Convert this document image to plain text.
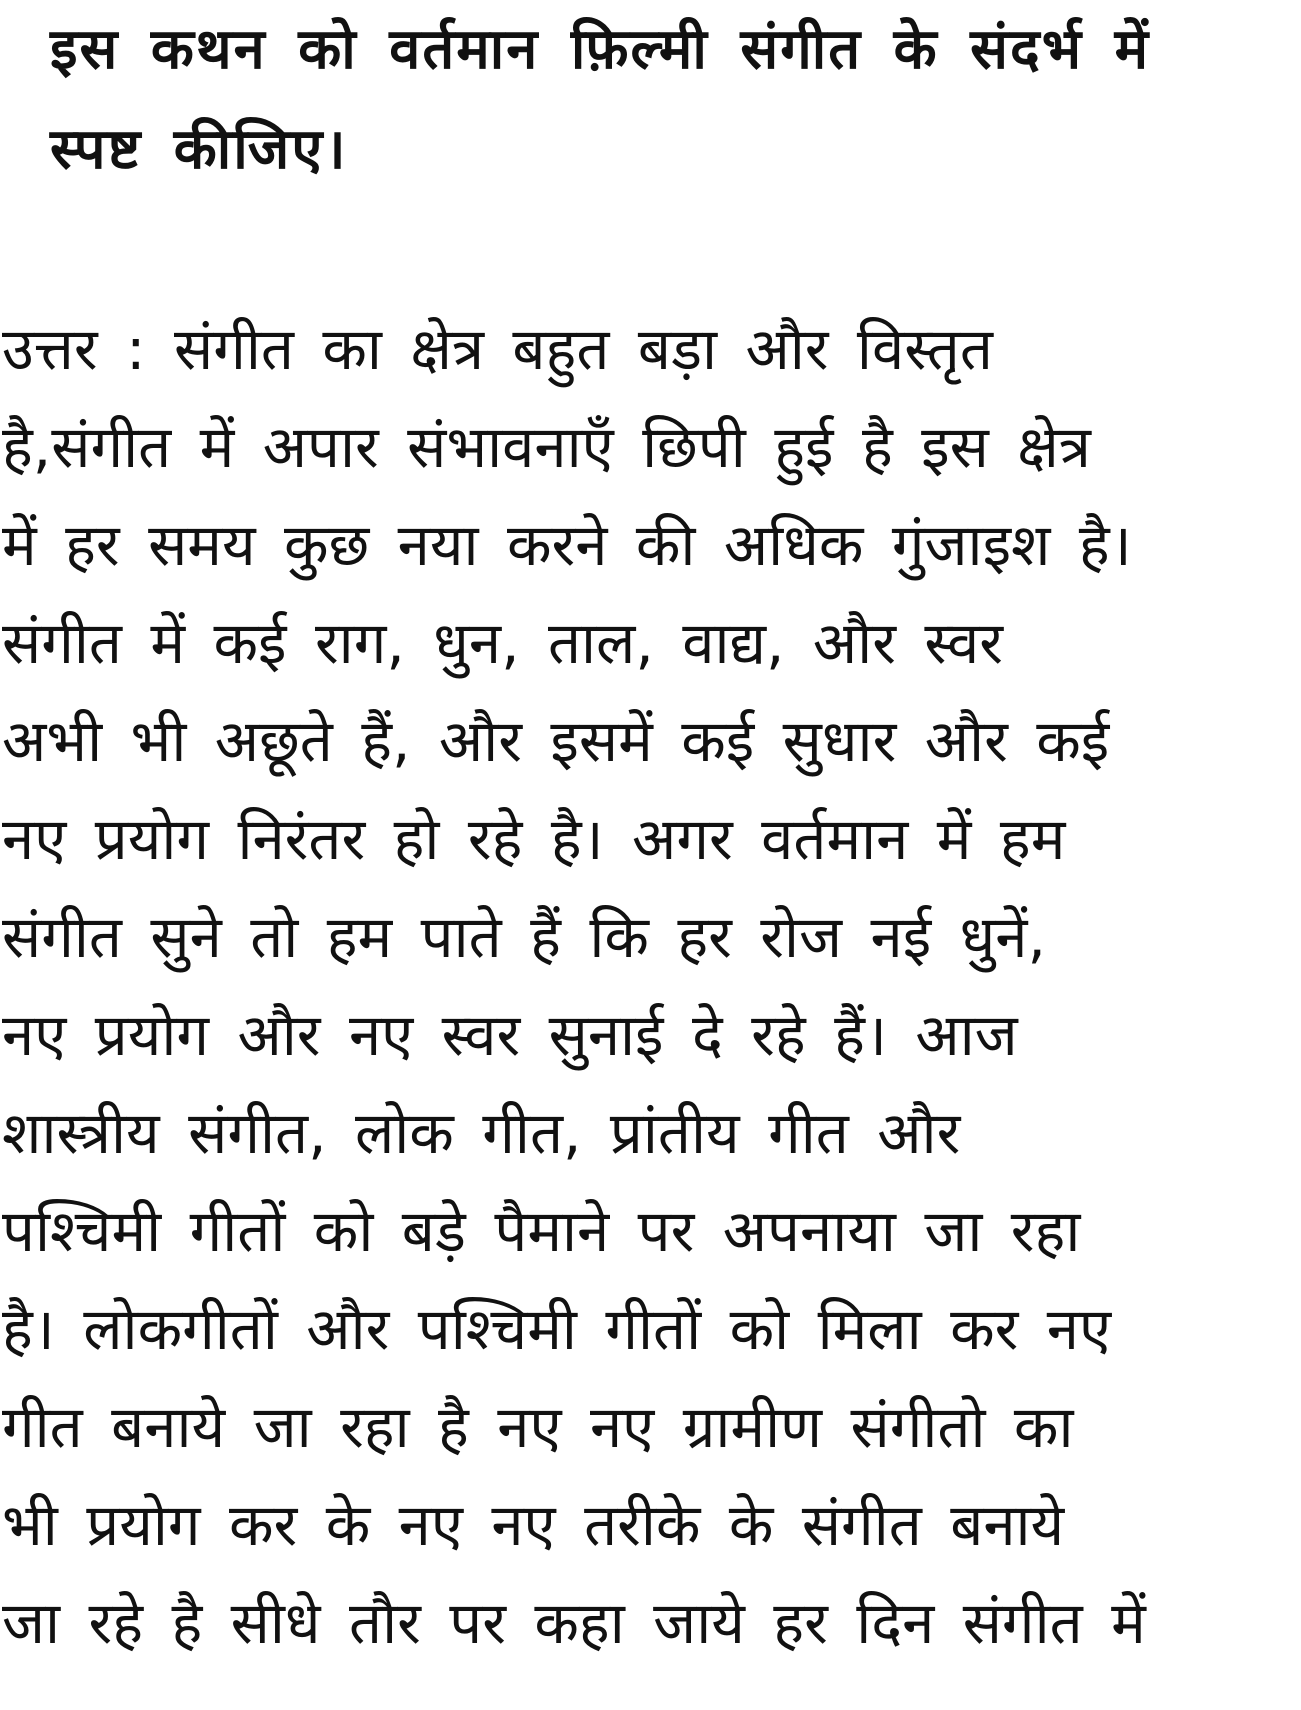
इस कथन को वर्तमान फ़िल्मी संगीत के संदर्भ में
स्पष्ट कीजिए।
उत्तर : संगीत का क्षेत्र बहुत बड़ा और विस्तृत
है,संगीत में अपार संभावनाएँ छिपी हुई है इस क्षेत्र
में हर समय कुछ नया करने की अधिक गुंजाइश है।
संगीत में कई राग, धुन, ताल, वाद्य, और स्वर
अभी भी अछूते हैं, और इसमें कई सुधार और कई
नए प्रयोग निरंतर हो रहे है। अगर वर्तमान में हम
संगीत सुने तो हम पाते हैं कि हर रोज नई धुनें,
नए प्रयोग और नए स्वर सुनाई दे रहे हैं। आज
शास्त्रीय संगीत, लोक गीत, प्रांतीय गीत और
पश्चिमी गीतों को बड़े पैमाने पर अपनाया जा रहा
है। लोकगीतों और पश्चिमी गीतों को मिला कर नए
गीत बनाये जा रहा है नए नए ग्रामीण संगीतो का
भी प्रयोग कर के नए नए तरीके के संगीत बनाये
जा रहे है सीधे तौर पर कहा जाये हर दिन संगीत में
